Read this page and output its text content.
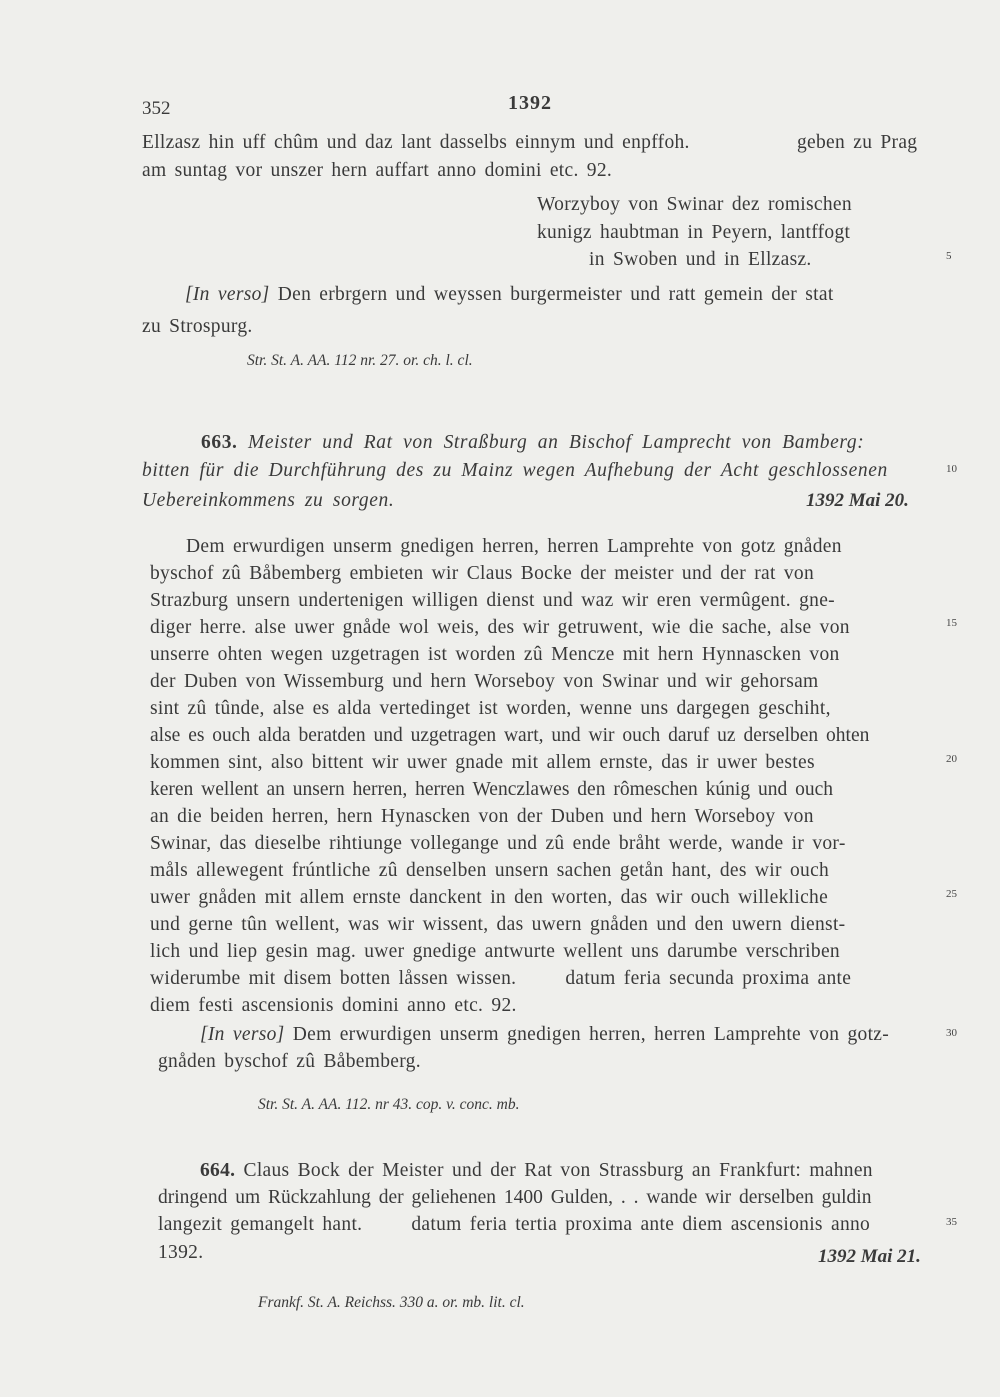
352	1392
Ellzasz hin uff chûm und daz lant dasselbs einnym und enpffoh.	geben zu Prag
am suntag vor unszer hern auffart anno domini etc. 92.
Worzyboy von Swinar dez romischen
kunigz haubtman in Peyern, lantffogt
in Swoben und in Ellzasz.
[In verso] Den erbrgern und weyssen burgermeister und ratt gemein der stat
zu Strospurg.
Str. St. A. AA. 112 nr. 27. or. ch. l. cl.
663. Meister und Rat von Straßburg an Bischof Lamprecht von Bamberg:
bitten für die Durchführung des zu Mainz wegen Aufhebung der Acht geschlossenen
Uebereinkommens zu sorgen.	1392 Mai 20.
Dem erwurdigen unserm gnedigen herren, herren Lamprehte von gotz gnåden
byschof zû Båbemberg embieten wir Claus Bocke der meister und der rat von
Strazburg unsern undertenigen willigen dienst und waz wir eren vermûgent. gne-
diger herre. alse uwer gnåde wol weis, des wir getruwent, wie die sache, alse von
unserre ohten wegen uzgetragen ist worden zû Mencze mit hern Hynnascken von
der Duben von Wissemburg und hern Worseboy von Swinar und wir gehorsam
sint zû tûnde, alse es alda vertedinget ist worden, wenne uns dargegen geschiht,
alse es ouch alda beratden und uzgetragen wart, und wir ouch daruf uz derselben ohten
kommen sint, also bittent wir uwer gnade mit allem ernste, das ir uwer bestes
keren wellent an unsern herren, herren Wenczlawes den rômeschen kúnig und ouch
an die beiden herren, hern Hynascken von der Duben und hern Worseboy von
Swinar, das dieselbe rihtiunge vollegange und zû ende bråht werde, wande ir vor-
måls allewegent frúntliche zû denselben unsern sachen getån hant, des wir ouch
uwer gnåden mit allem ernste danckent in den worten, das wir ouch willekliche
und gerne tûn wellent, was wir wissent, das uwern gnåden und den uwern dienst-
lich und liep gesin mag. uwer gnedige antwurte wellent uns darumbe verschriben
widerumbe mit disem botten låssen wissen.      datum feria secunda proxima ante
diem festi ascensionis domini anno etc. 92.
[In verso] Dem erwurdigen unserm gnedigen herren, herren Lamprehte von gotz-
gnåden byschof zû Båbemberg.
Str. St. A. AA. 112. nr 43. cop. v. conc. mb.
664. Claus Bock der Meister und der Rat von Strassburg an Frankfurt: mahnen
dringend um Rückzahlung der geliehenen 1400 Gulden, . . wande wir derselben guldin
langezit gemangelt hant.      datum feria tertia proxima ante diem ascensionis anno
1392.	1392 Mai 21.
Frankf. St. A. Reichss. 330 a. or. mb. lit. cl.
5
10
15
20
25
30
35
